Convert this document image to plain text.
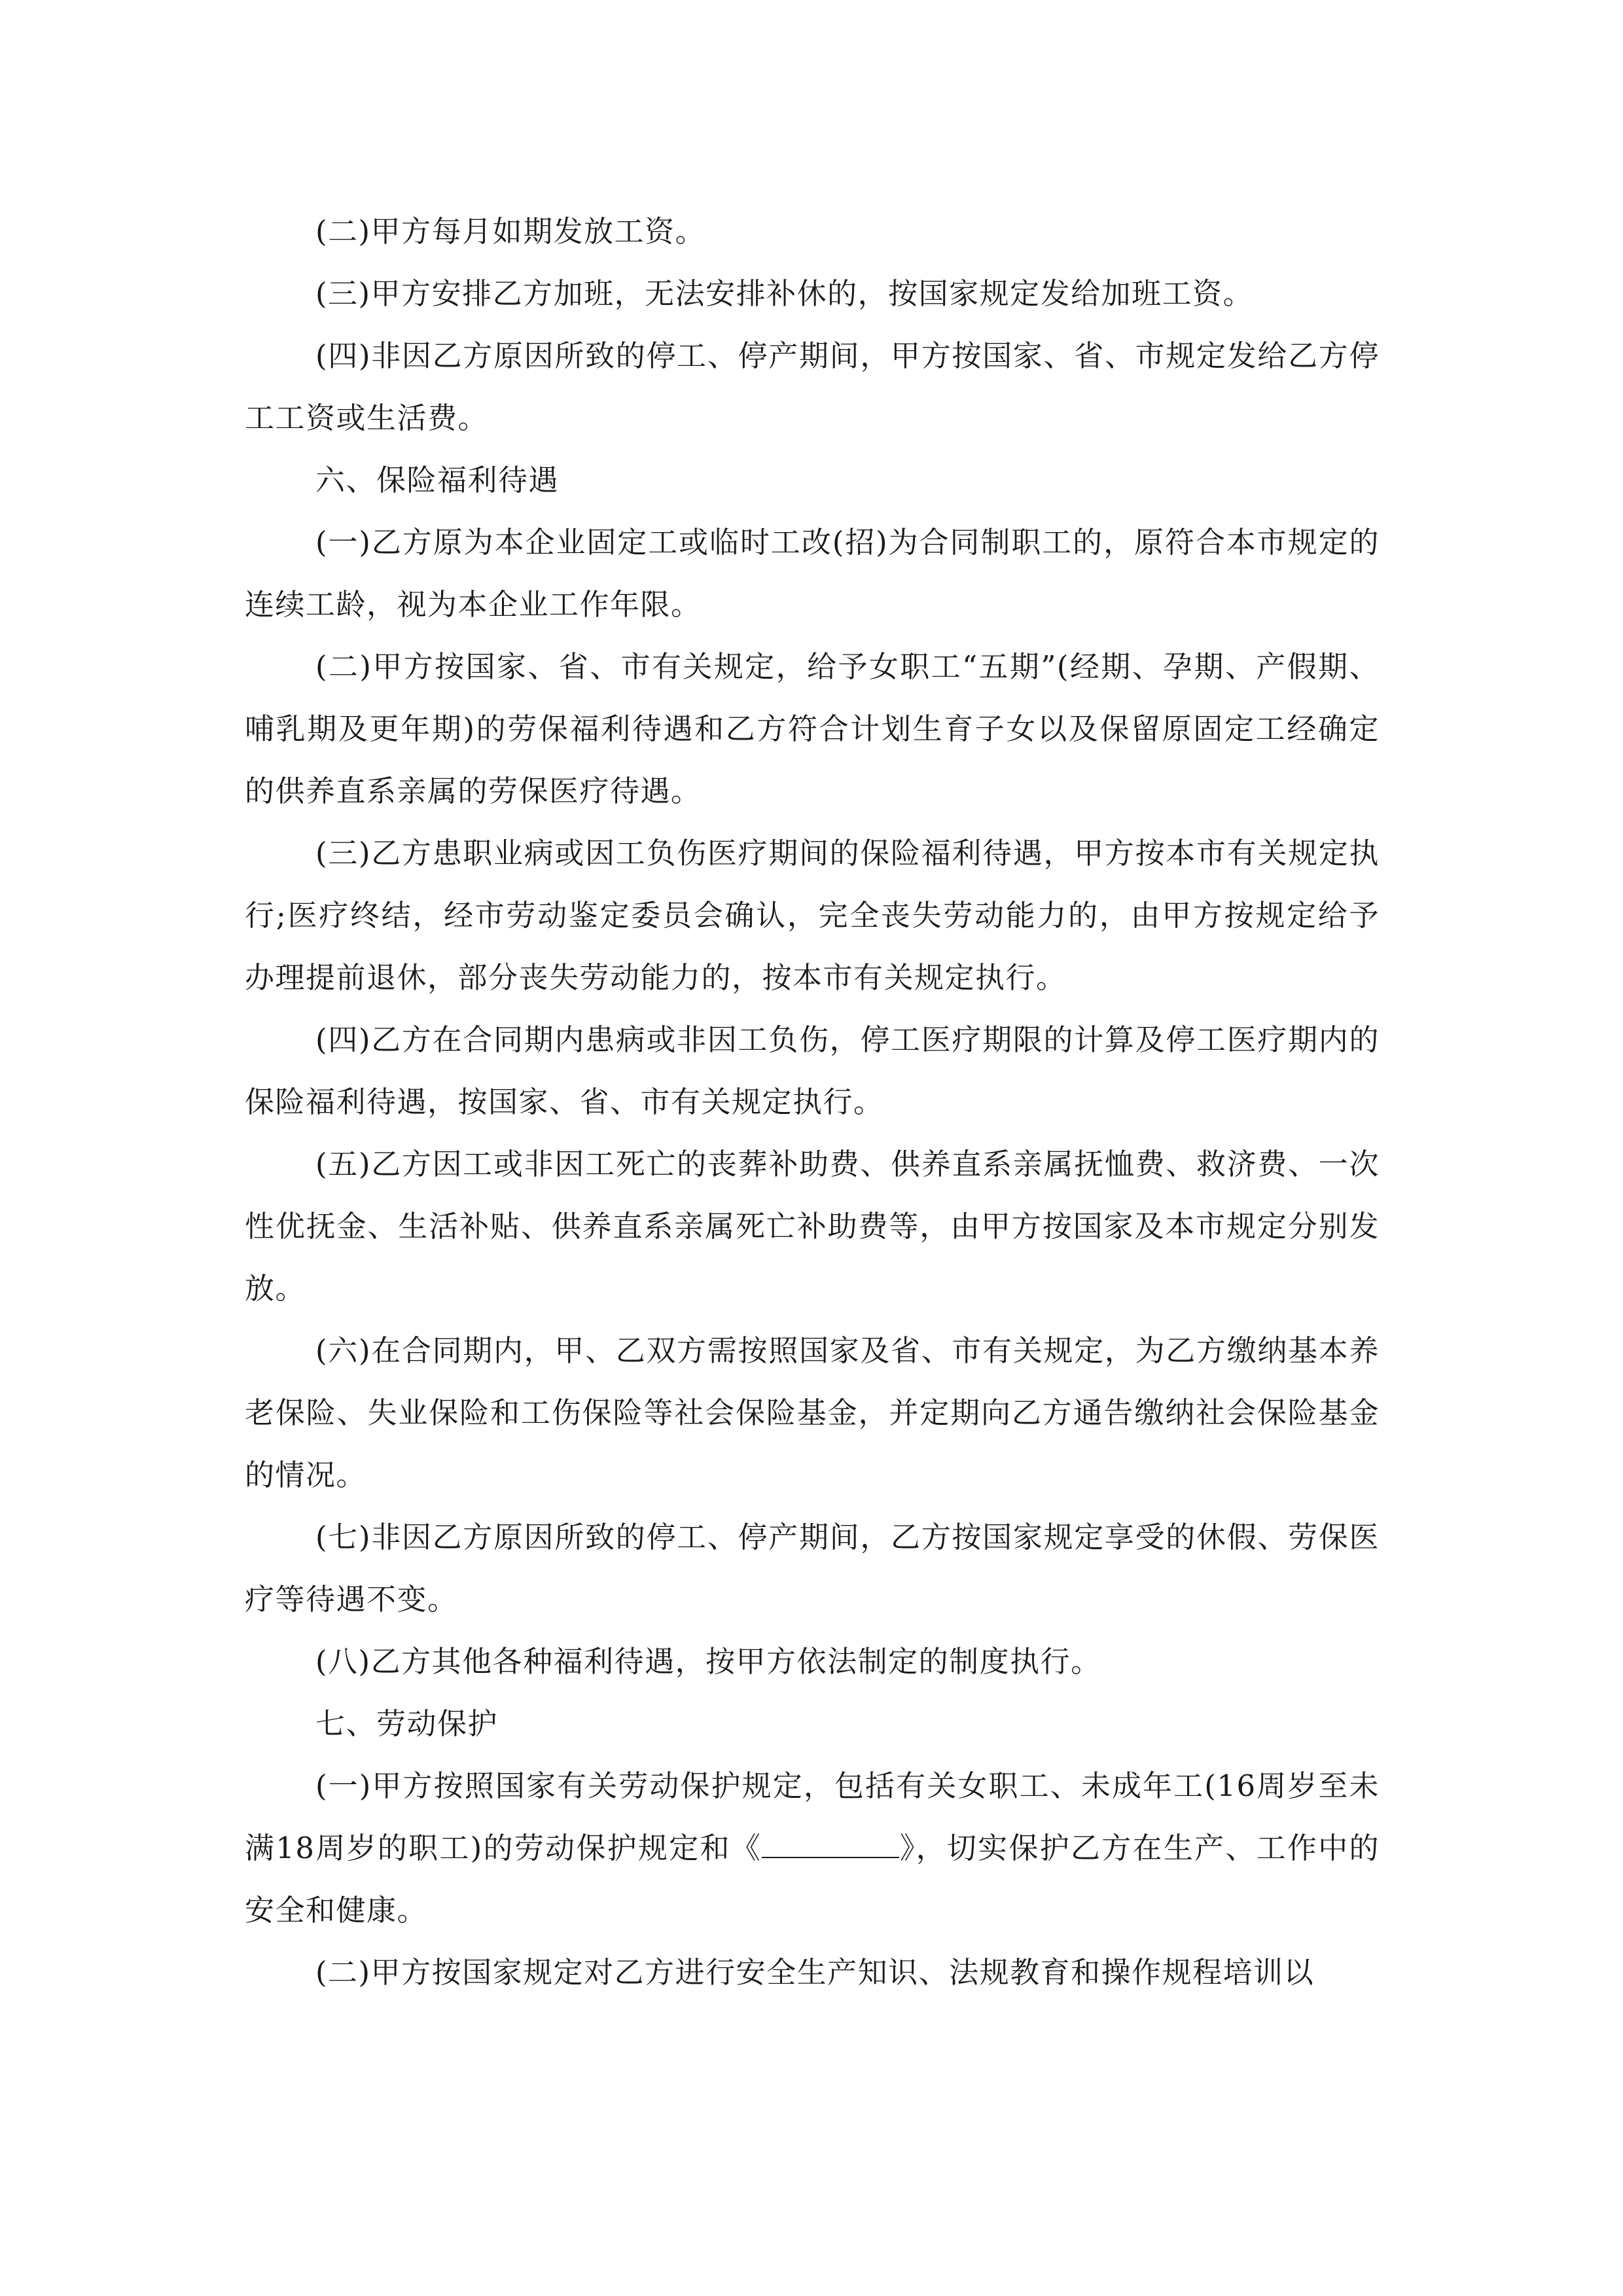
(二)甲方每月如期发放工资。

(三)甲方安排乙方加班，无法安排补休的，按国家规定发给加班工资。

(四)非因乙方原因所致的停工、停产期间，甲方按国家、省、市规定发给乙方停工工资或生活费。

六、保险福利待遇

(一)乙方原为本企业固定工或临时工改(招)为合同制职工的，原符合本市规定的连续工龄，视为本企业工作年限。

(二)甲方按国家、省、市有关规定，给予女职工“五期”(经期、孕期、产假期、哺乳期及更年期)的劳保福利待遇和乙方符合计划生育子女以及保留原固定工经确定的供养直系亲属的劳保医疗待遇。

(三)乙方患职业病或因工负伤医疗期间的保险福利待遇，甲方按本市有关规定执行;医疗终结，经市劳动鉴定委员会确认，完全丧失劳动能力的，由甲方按规定给予办理提前退休，部分丧失劳动能力的，按本市有关规定执行。

(四)乙方在合同期内患病或非因工负伤，停工医疗期限的计算及停工医疗期内的保险福利待遇，按国家、省、市有关规定执行。

(五)乙方因工或非因工死亡的丧葬补助费、供养直系亲属抚恤费、救济费、一次性优抚金、生活补贴、供养直系亲属死亡补助费等，由甲方按国家及本市规定分别发放。

(六)在合同期内，甲、乙双方需按照国家及省、市有关规定，为乙方缴纳基本养老保险、失业保险和工伤保险等社会保险基金，并定期向乙方通告缴纳社会保险基金的情况。

(七)非因乙方原因所致的停工、停产期间，乙方按国家规定享受的休假、劳保医疗等待遇不变。

(八)乙方其他各种福利待遇，按甲方依法制定的制度执行。

七、劳动保护

(一)甲方按照国家有关劳动保护规定，包括有关女职工、未成年工(16周岁至未满18周岁的职工)的劳动保护规定和《	》，切实保护乙方在生产、工作中的安全和健康。

(二)甲方按国家规定对乙方进行安全生产知识、法规教育和操作规程培训以
